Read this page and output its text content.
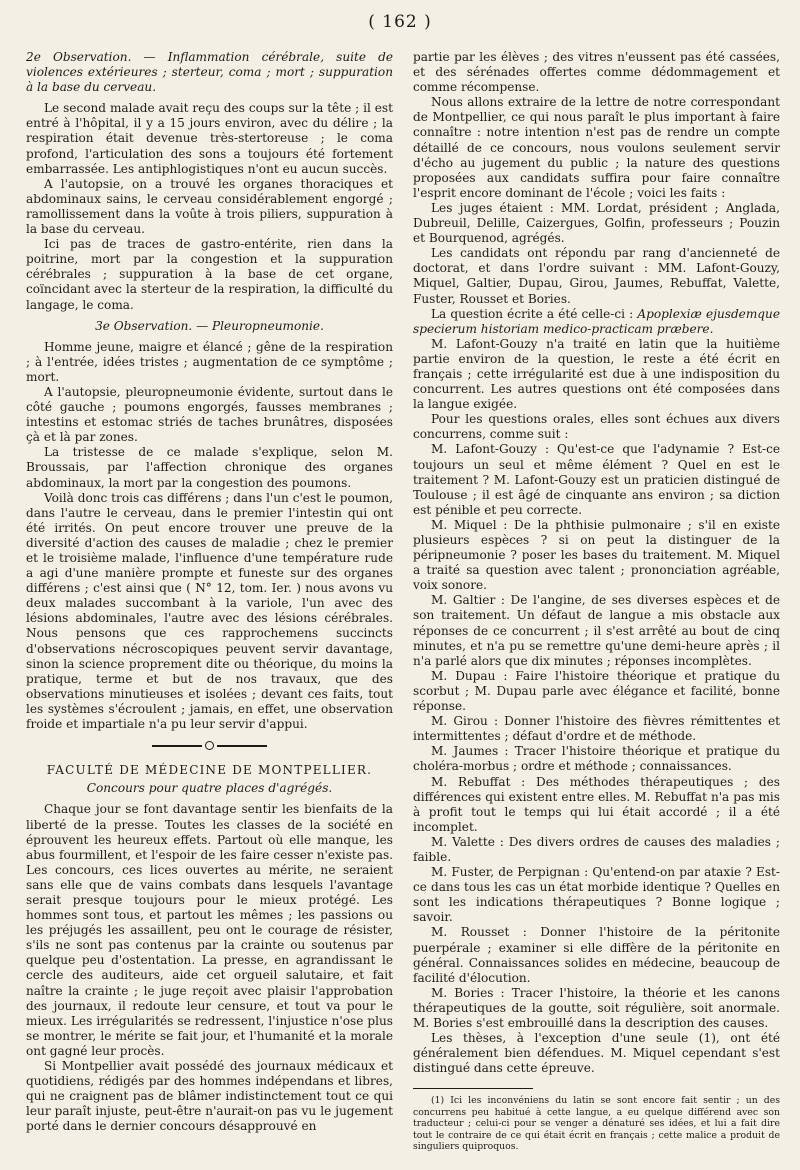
( 162 )

2e Observation. — Inflammation cérébrale, suite de violences extérieures ; sterteur, coma ; mort ; suppuration à la base du cerveau.

Le second malade avait reçu des coups sur la tête ; il est entré à l'hôpital, il y a 15 jours environ, avec du délire ; la respiration était devenue très-stertoreuse ; le coma profond, l'articulation des sons a toujours été fortement embarrassée. Les antiphlogistiques n'ont eu aucun succès.

A l'autopsie, on a trouvé les organes thoraciques et abdominaux sains, le cerveau considérablement engorgé ; ramollissement dans la voûte à trois piliers, suppuration à la base du cerveau.

Ici pas de traces de gastro-entérite, rien dans la poitrine, mort par la congestion et la suppuration cérébrales ; suppuration à la base de cet organe, coïncidant avec la sterteur de la respiration, la difficulté du langage, le coma.

3e Observation. — Pleuropneumonie.

Homme jeune, maigre et élancé ; gêne de la respiration ; à l'entrée, idées tristes ; augmentation de ce symptôme ; mort.

A l'autopsie, pleuropneumonie évidente, surtout dans le côté gauche ; poumons engorgés, fausses membranes ; intestins et estomac striés de taches brunâtres, disposées çà et là par zones.

La tristesse de ce malade s'explique, selon M. Broussais, par l'affection chronique des organes abdominaux, la mort par la congestion des poumons.

Voilà donc trois cas différens ; dans l'un c'est le poumon, dans l'autre le cerveau, dans le premier l'intestin qui ont été irrités. On peut encore trouver une preuve de la diversité d'action des causes de maladie ; chez le premier et le troisième malade, l'influence d'une température rude a agi d'une manière prompte et funeste sur des organes différens ; c'est ainsi que ( N° 12, tom. Ier. ) nous avons vu deux malades succombant à la variole, l'un avec des lésions abdominales, l'autre avec des lésions cérébrales. Nous pensons que ces rapprochemens succincts d'observations nécroscopiques peuvent servir davantage, sinon la science proprement dite ou théorique, du moins la pratique, terme et but de nos travaux, que des observations minutieuses et isolées ; devant ces faits, tout les systèmes s'écroulent ; jamais, en effet, une observation froide et impartiale n'a pu leur servir d'appui.

FACULTÉ DE MÉDECINE DE MONTPELLIER.

Concours pour quatre places d'agrégés.

Chaque jour se font davantage sentir les bienfaits de la liberté de la presse. Toutes les classes de la société en éprouvent les heureux effets. Partout où elle manque, les abus fourmillent, et l'espoir de les faire cesser n'existe pas. Les concours, ces lices ouvertes au mérite, ne seraient sans elle que de vains combats dans lesquels l'avantage serait presque toujours pour le mieux protégé. Les hommes sont tous, et partout les mêmes ; les passions ou les préjugés les assaillent, peu ont le courage de résister, s'ils ne sont pas contenus par la crainte ou soutenus par quelque peu d'ostentation. La presse, en agrandissant le cercle des auditeurs, aide cet orgueil salutaire, et fait naître la crainte ; le juge reçoit avec plaisir l'approbation des journaux, il redoute leur censure, et tout va pour le mieux. Les irrégularités se redressent, l'injustice n'ose plus se montrer, le mérite se fait jour, et l'humanité et la morale ont gagné leur procès.

Si Montpellier avait possédé des journaux médicaux et quotidiens, rédigés par des hommes indépendans et libres, qui ne craignent pas de blâmer indistinctement tout ce qui leur paraît injuste, peut-être n'aurait-on pas vu le jugement porté dans le dernier concours désapprouvé en

partie par les élèves ; des vitres n'eussent pas été cassées, et des sérénades offertes comme dédommagement et comme récompense.

Nous allons extraire de la lettre de notre correspondant de Montpellier, ce qui nous paraît le plus important à faire connaître : notre intention n'est pas de rendre un compte détaillé de ce concours, nous voulons seulement servir d'écho au jugement du public ; la nature des questions proposées aux candidats suffira pour faire connaître l'esprit encore dominant de l'école ; voici les faits :

Les juges étaient : MM. Lordat, président ; Anglada, Dubreuil, Delille, Caizergues, Golfin, professeurs ; Pouzin et Bourquenod, agrégés.

Les candidats ont répondu par rang d'ancienneté de doctorat, et dans l'ordre suivant : MM. Lafont-Gouzy, Miquel, Galtier, Dupau, Girou, Jaumes, Rebuffat, Valette, Fuster, Rousset et Bories.

La question écrite a été celle-ci : Apoplexiæ ejusdemque specierum historiam medico-practicam præbere.

M. Lafont-Gouzy n'a traité en latin que la huitième partie environ de la question, le reste a été écrit en français ; cette irrégularité est due à une indisposition du concurrent. Les autres questions ont été composées dans la langue exigée.

Pour les questions orales, elles sont échues aux divers concurrens, comme suit :

M. Lafont-Gouzy : Qu'est-ce que l'adynamie ? Est-ce toujours un seul et même élément ? Quel en est le traitement ? M. Lafont-Gouzy est un praticien distingué de Toulouse ; il est âgé de cinquante ans environ ; sa diction est pénible et peu correcte.

M. Miquel : De la phthisie pulmonaire ; s'il en existe plusieurs espèces ? si on peut la distinguer de la péripneumonie ? poser les bases du traitement. M. Miquel a traité sa question avec talent ; prononciation agréable, voix sonore.

M. Galtier : De l'angine, de ses diverses espèces et de son traitement. Un défaut de langue a mis obstacle aux réponses de ce concurrent ; il s'est arrêté au bout de cinq minutes, et n'a pu se remettre qu'une demi-heure après ; il n'a parlé alors que dix minutes ; réponses incomplètes.

M. Dupau : Faire l'histoire théorique et pratique du scorbut ; M. Dupau parle avec élégance et facilité, bonne réponse.

M. Girou : Donner l'histoire des fièvres rémittentes et intermittentes ; défaut d'ordre et de méthode.

M. Jaumes : Tracer l'histoire théorique et pratique du choléra-morbus ; ordre et méthode ; connaissances.

M. Rebuffat : Des méthodes thérapeutiques ; des différences qui existent entre elles. M. Rebuffat n'a pas mis à profit tout le temps qui lui était accordé ; il a été incomplet.

M. Valette : Des divers ordres de causes des maladies ; faible.

M. Fuster, de Perpignan : Qu'entend-on par ataxie ? Est-ce dans tous les cas un état morbide identique ? Quelles en sont les indications thérapeutiques ? Bonne logique ; savoir.

M. Rousset : Donner l'histoire de la péritonite puerpérale ; examiner si elle diffère de la péritonite en général. Connaissances solides en médecine, beaucoup de facilité d'élocution.

M. Bories : Tracer l'histoire, la théorie et les canons thérapeutiques de la goutte, soit régulière, soit anormale. M. Bories s'est embrouillé dans la description des causes.

Les thèses, à l'exception d'une seule (1), ont été généralement bien défendues. M. Miquel cependant s'est distingué dans cette épreuve.

(1) Ici les inconvéniens du latin se sont encore fait sentir ; un des concurrens peu habitué à cette langue, a eu quelque différend avec son traducteur ; celui-ci pour se venger a dénaturé ses idées, et lui a fait dire tout le contraire de ce qui était écrit en français ; cette malice a produit de singuliers quiproquos.
